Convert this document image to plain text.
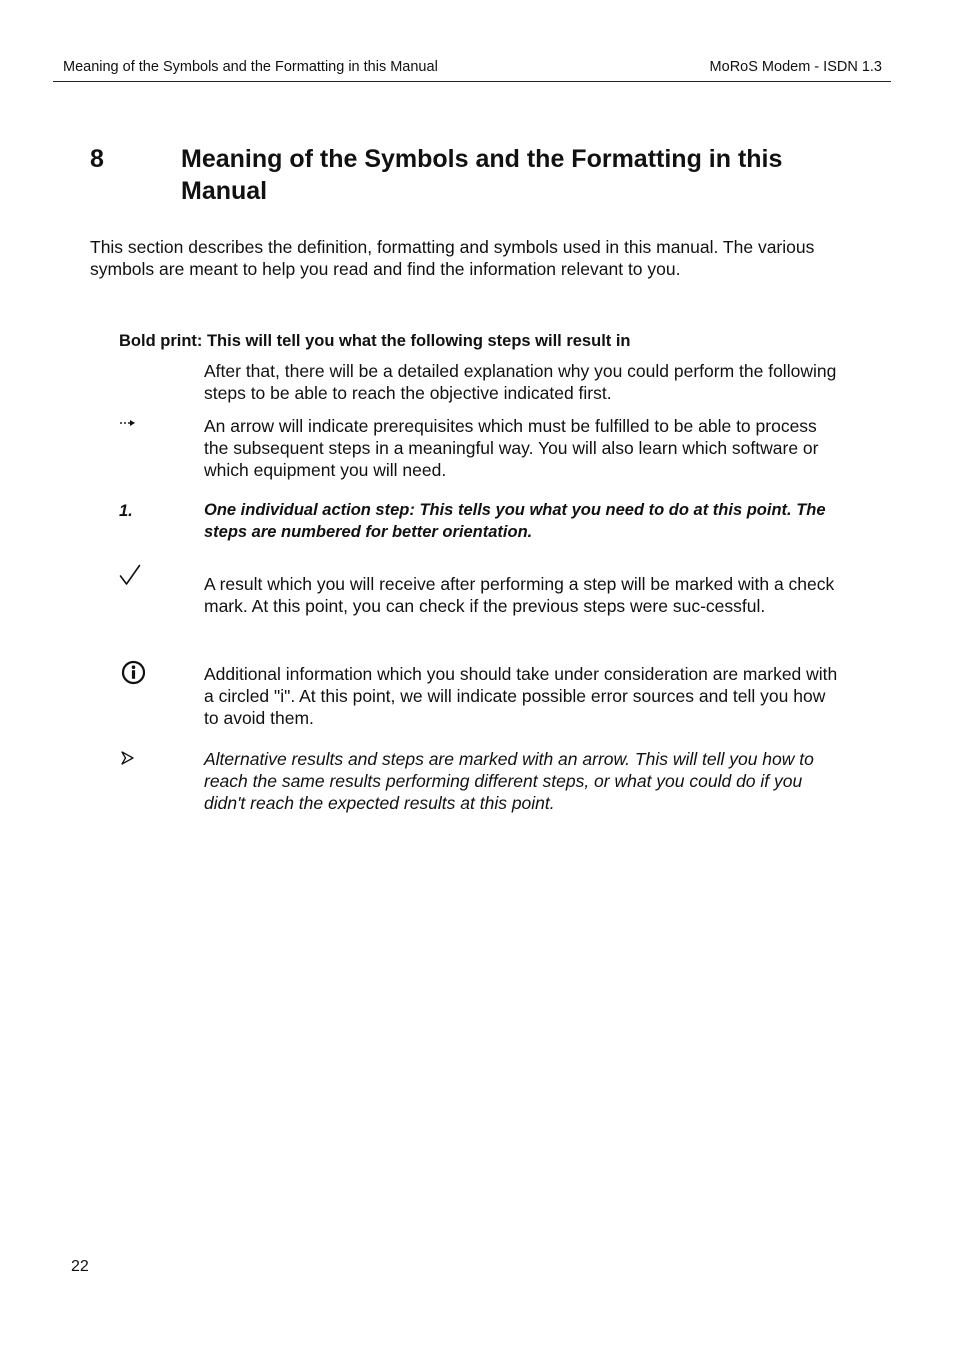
Meaning of the Symbols and the Formatting in this Manual	MoRoS Modem - ISDN 1.3
8	Meaning of the Symbols and the Formatting in this Manual
This section describes the definition, formatting and symbols used in this manual. The various symbols are meant to help you read and find the information relevant to you.
Bold print: This will tell you what the following steps will result in
After that, there will be a detailed explanation why you could perform the following steps to be able to reach the objective indicated first.
An arrow will indicate prerequisites which must be fulfilled to be able to process the subsequent steps in a meaningful way. You will also learn which software or which equipment you will need.
1.	One individual action step: This tells you what you need to do at this point. The steps are numbered for better orientation.
A result which you will receive after performing a step will be marked with a check mark. At this point, you can check if the previous steps were suc-cessful.
Additional information which you should take under consideration are marked with a circled "i". At this point, we will indicate possible error sources and tell you how to avoid them.
Alternative results and steps are marked with an arrow. This will tell you how to reach the same results performing different steps, or what you could do if you didn't reach the expected results at this point.
22
